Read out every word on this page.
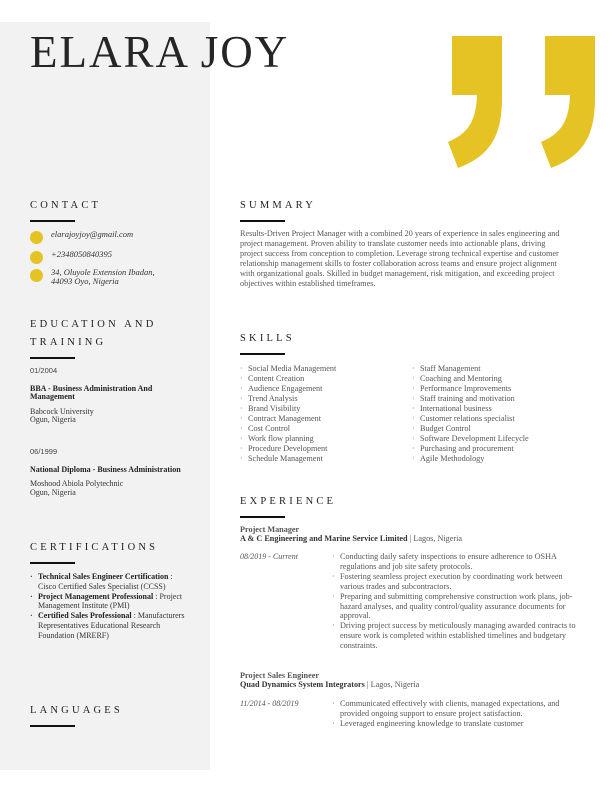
ELARA JOY
CONTACT
elarajoyjoy@gmail.com
+2348050840395
34, Oluyole Extension Ibadan,
44093 Oyo, Nigeria
EDUCATION AND
TRAINING
01/2004
BBA - Business Administration And Management
Babcock University
Ogun, Nigeria
06/1999
National Diploma - Business Administration
Moshood Abiola Polytechnic
Ogun, Nigeria
CERTIFICATIONS
· Technical Sales Engineer Certification : Cisco Certified Sales Specialist (CCSS)
· Project Management Professional : Project Management Institute (PMI)
· Certified Sales Professional : Manufacturers Representatives Educational Research Foundation (MRERF)
LANGUAGES
SUMMARY

Results-Driven Project Manager with a combined 20 years of experience in sales engineering and project management. Proven ability to translate customer needs into actionable plans, driving project success from conception to completion. Leverage strong technical expertise and customer relationship management skills to foster collaboration across teams and ensure project alignment with organizational goals. Skilled in budget management, risk mitigation, and exceeding project objectives within established timeframes.

SKILLS
· Social Media Management
· Content Creation
· Audience Engagement
· Trend Analysis
· Brand Visibility
· Contract Management
· Cost Control
· Work flow planning
· Procedure Development
· Schedule Management
· Staff Management
· Coaching and Mentoring
· Performance Improvements
· Staff training and motivation
· International business
· Customer relations specialist
· Budget Control
· Software Development Lifecycle
· Purchasing and procurement
· Agile Methodology
EXPERIENCE
Project Manager
A & C Engineering and Marine Service Limited | Lagos, Nigeria
08/2019 - Current	· Conducting daily safety inspections to ensure adherence to OSHA regulations and job site safety protocols.
· Fostering seamless project execution by coordinating work between various trades and subcontractors.
· Preparing and submitting comprehensive construction work plans, job-hazard analyses, and quality control/quality assurance documents for approval.
· Driving project success by meticulously managing awarded contracts to ensure work is completed within established timelines and budgetary constraints.
Project Sales Engineer
Quad Dynamics System Integrators | Lagos, Nigeria
11/2014 - 08/2019	· Communicated effectively with clients, managed expectations, and provided ongoing support to ensure project satisfaction.
· Leveraged engineering knowledge to translate customer
